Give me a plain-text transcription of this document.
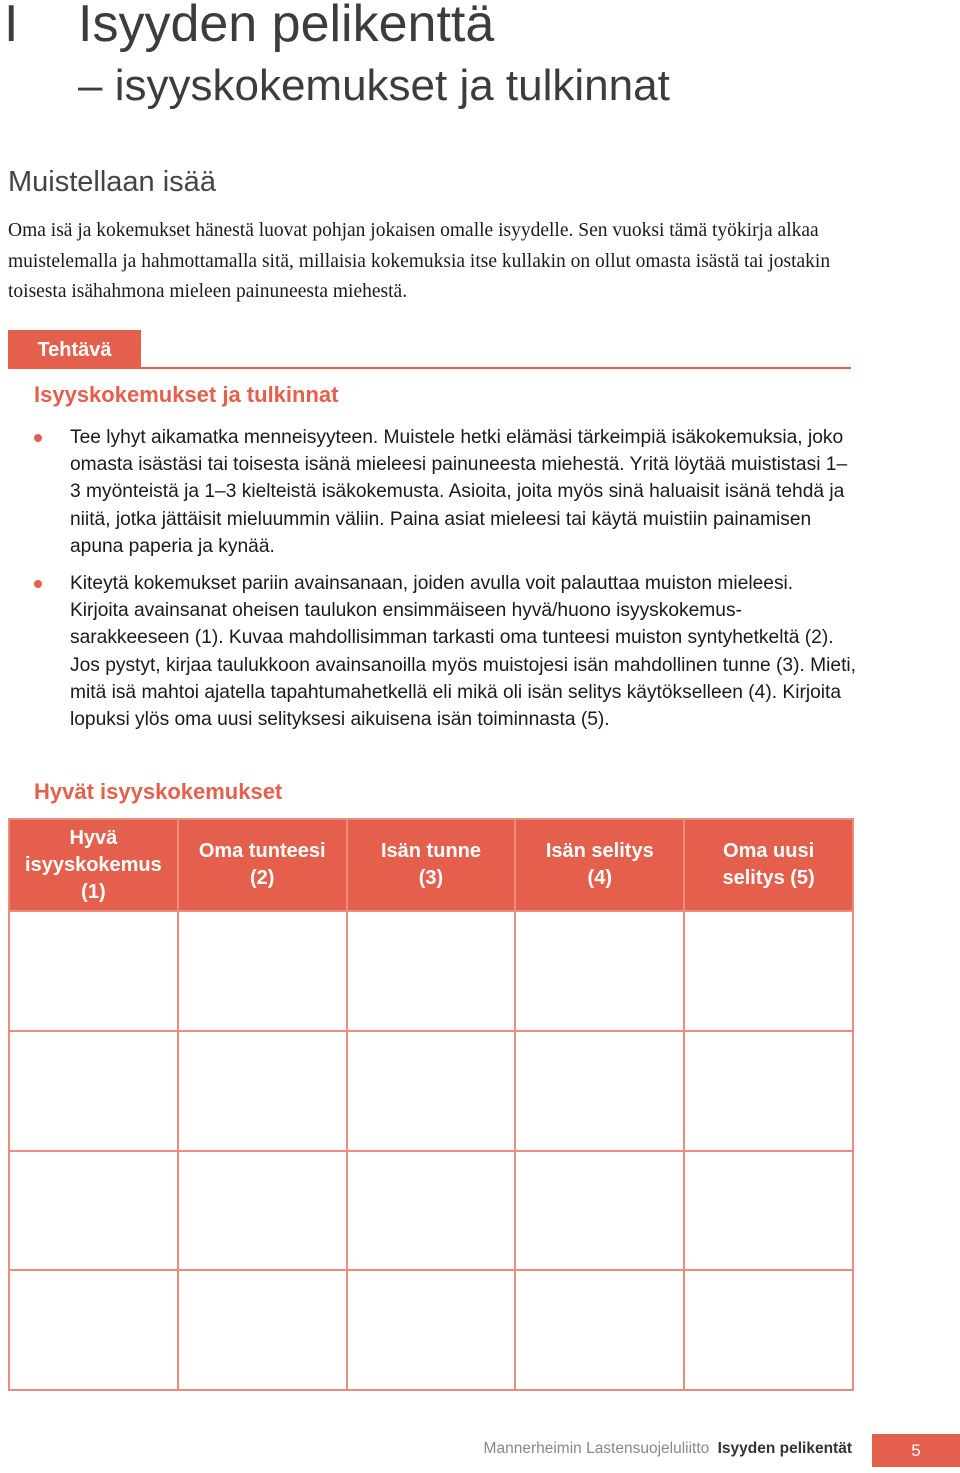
I Isyyden pelikenttä
– isyyskokemukset ja tulkinnat
Muistellaan isää

Oma isä ja kokemukset hänestä luovat pohjan jokaisen omalle isyydelle. Sen vuoksi tämä työkirja alkaa muistelemalla ja hahmottamalla sitä, millaisia kokemuksia itse kullakin on ollut omasta isästä tai jostakin toisesta isähahmona mieleen painuneesta miehestä.

Tehtävä
Isyyskokemukset ja tulkinnat
Tee lyhyt aikamatka menneisyyteen. Muistele hetki elämäsi tärkeimpiä isäkokemuksia, joko omasta isästäsi tai toisesta isänä mieleesi painuneesta miehestä. Yritä löytää muististasi 1–3 myönteistä ja 1–3 kielteistä isäkokemusta. Asioita, joita myös sinä haluaisit isänä tehdä ja niitä, jotka jättäisit mieluummin väliin. Paina asiat mieleesi tai käytä muistiin painamisen apuna paperia ja kynää.
Kiteytä kokemukset pariin avainsanaan, joiden avulla voit palauttaa muiston mieleesi. Kirjoita avainsanat oheisen taulukon ensimmäiseen hyvä/huono isyyskokemus-sarakkeeseen (1). Kuvaa mahdollisimman tarkasti oma tunteesi muiston syntyhetkeltä (2). Jos pystyt, kirjaa taulukkoon avainsanoilla myös muistojesi isän mahdollinen tunne (3). Mieti, mitä isä mahtoi ajatella tapahtumahetkellä eli mikä oli isän selitys käytökselleen (4). Kirjoita lopuksi ylös oma uusi selityksesi aikuisena isän toiminnasta (5).
Hyvät isyyskokemukset
Hyvä
isyyskokemus
(1)
Oma tunteesi
(2)
Isän tunne
(3)
Isän selitys
(4)
Oma uusi
selitys (5)
Mannerheimin Lastensuojeluliitto Isyyden pelikentät	5
